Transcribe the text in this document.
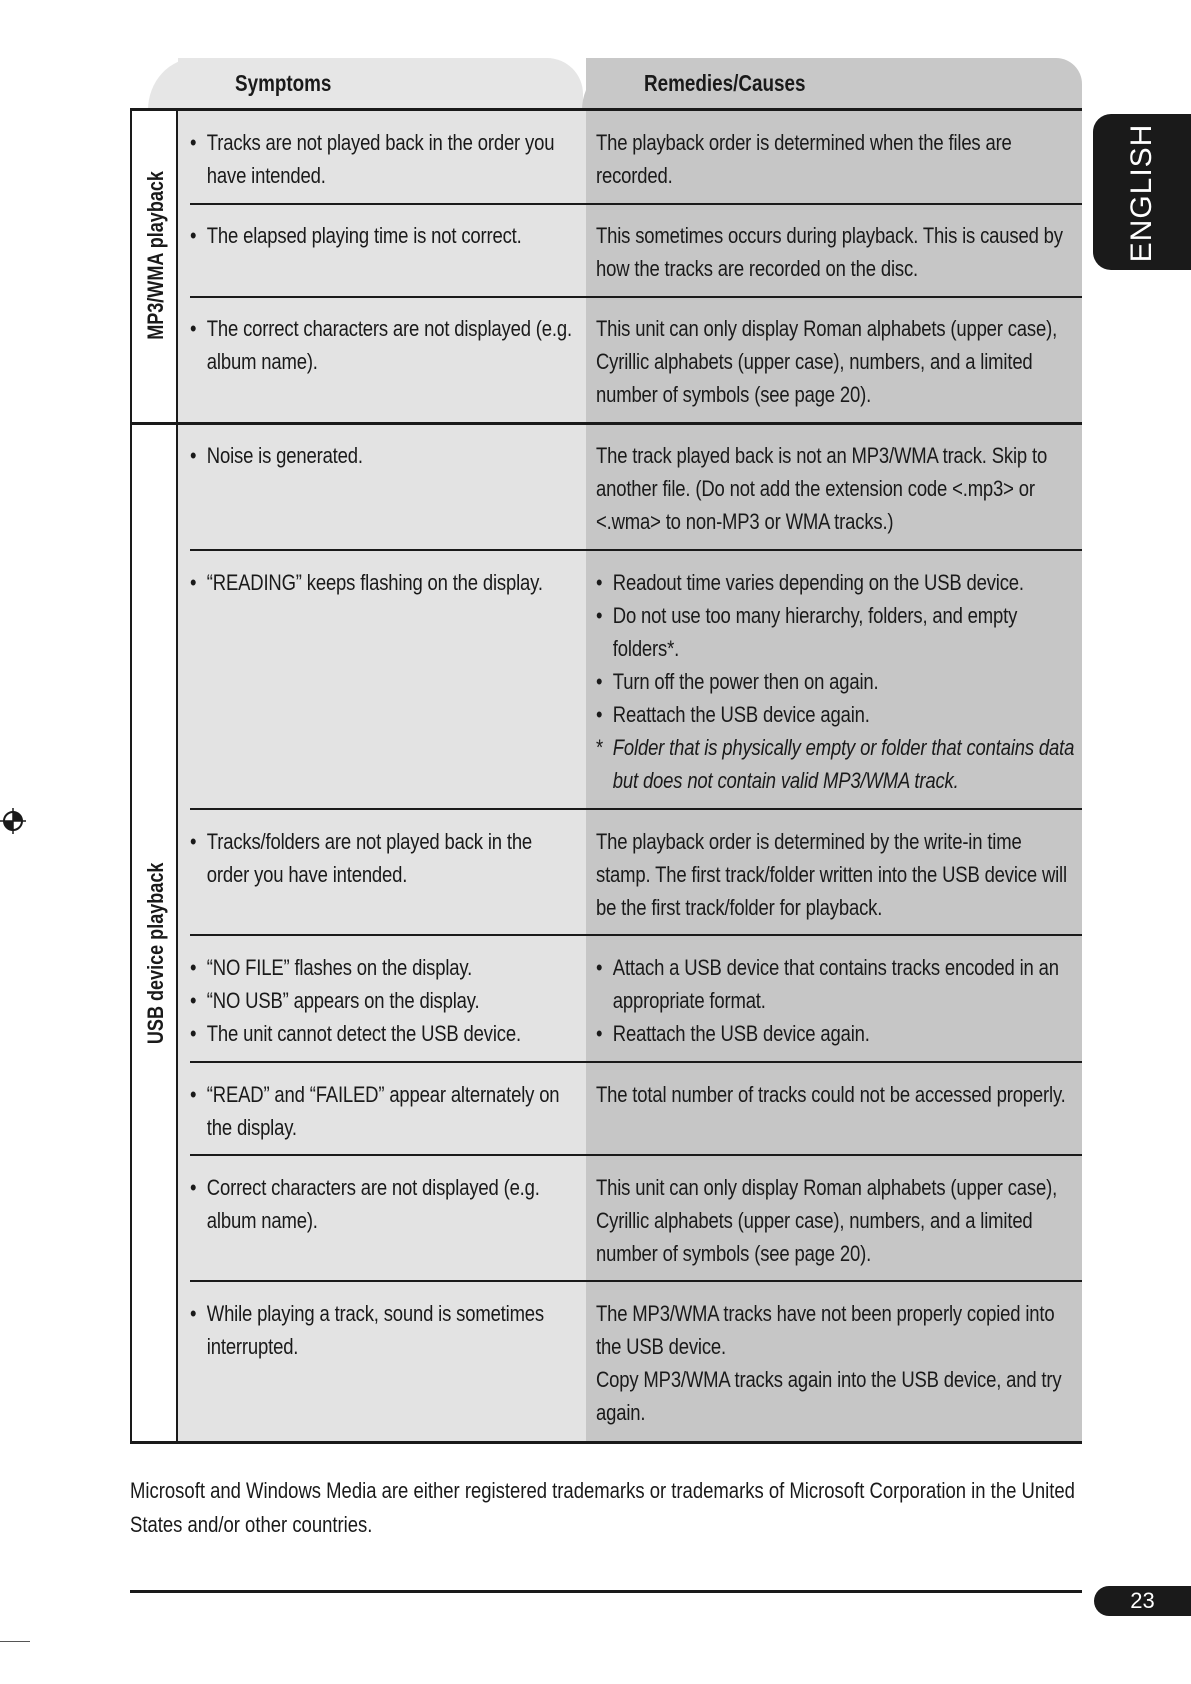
ENGLISH
Symptoms	Remedies/Causes
MP3/WMA playback
USB device playback
• Tracks are not played back in the order you have intended.
The playback order is determined when the files are recorded.
• The elapsed playing time is not correct.	This sometimes occurs during playback. This is caused by how the tracks are recorded on the disc.
• The correct characters are not displayed (e.g. album name).
This unit can only display Roman alphabets (upper case), Cyrillic alphabets (upper case), numbers, and a limited number of symbols (see page 20).
• Noise is generated.	The track played back is not an MP3/WMA track. Skip to another file. (Do not add the extension code <.mp3> or <.wma> to non-MP3 or WMA tracks.)
• “READING” keeps flashing on the display.
•	Readout time varies depending on the USB device.
• Do not use too many hierarchy, folders, and empty folders*.
• Turn off the power then on again.
• Reattach the USB device again.
* Folder that is physically empty or folder that contains data but does not contain valid MP3/WMA track.
• Tracks/folders are not played back in the order you have intended.
The playback order is determined by the write-in time stamp. The first track/folder written into the USB device will be the first track/folder for playback.
• “NO FILE” flashes on the display.
• “NO USB” appears on the display.
• The unit cannot detect the USB device.
• Attach a USB device that contains tracks encoded in an appropriate format.
• Reattach the USB device again.
• “READ” and “FAILED” appear alternately on the display.
The total number of tracks could not be accessed properly.
• Correct characters are not displayed (e.g. album name).
This unit can only display Roman alphabets (upper case), Cyrillic alphabets (upper case), numbers, and a limited number of symbols (see page 20).
• While playing a track, sound is sometimes interrupted.
The MP3/WMA tracks have not been properly copied into the USB device.
Copy MP3/WMA tracks again into the USB device, and try again.
Microsoft and Windows Media are either registered trademarks or trademarks of Microsoft Corporation in the United States and/or other countries.
23
